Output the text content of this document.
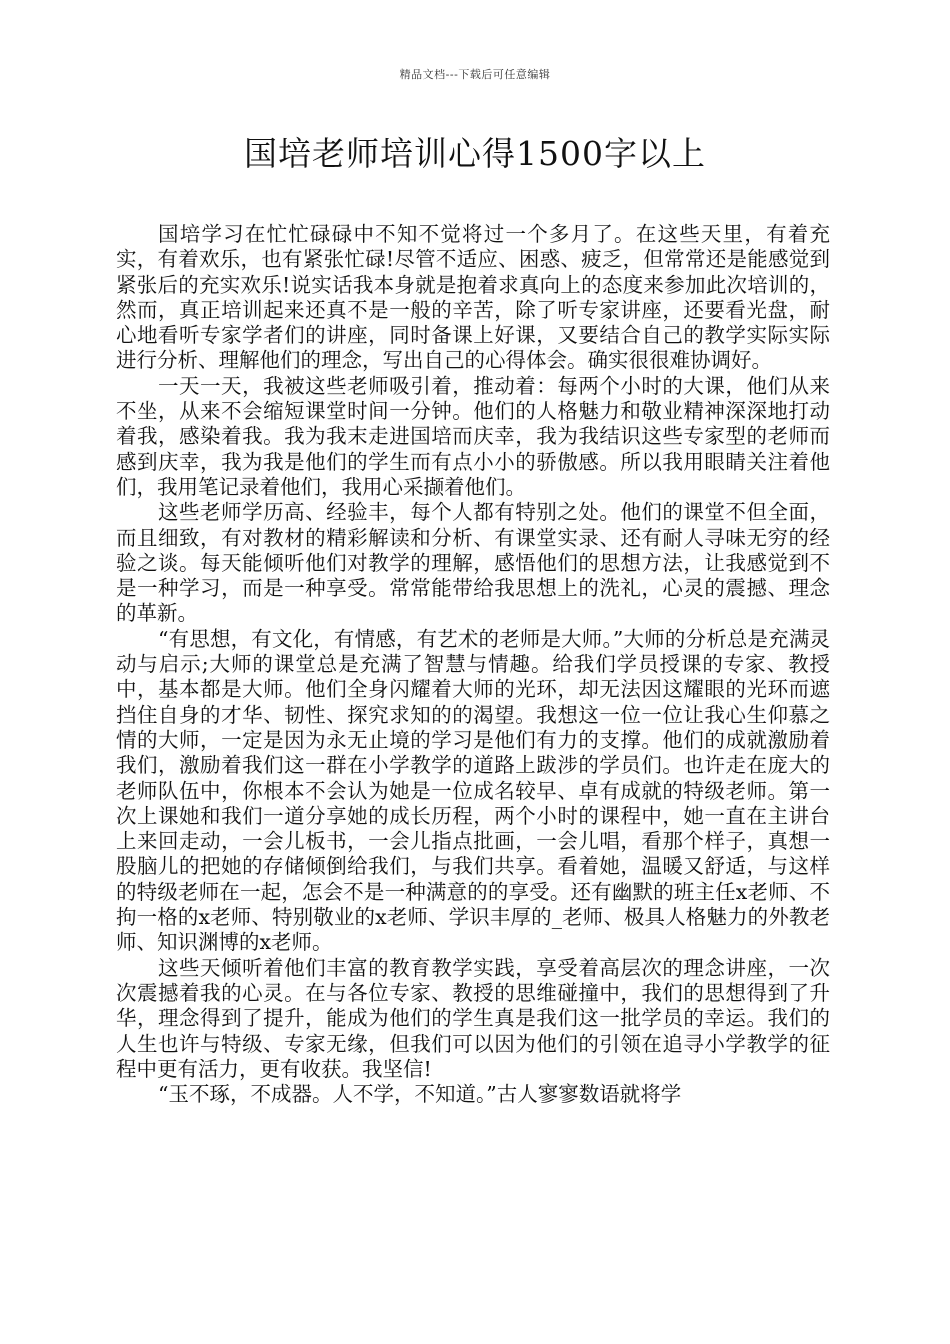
精品文档---下载后可任意编辑
国培老师培训心得1500字以上

国培学习在忙忙碌碌中不知不觉将过一个多月了。在这些天里，有着充实，有着欢乐，也有紧张忙碌!尽管不适应、困惑、疲乏，但常常还是能感觉到紧张后的充实欢乐!说实话我本身就是抱着求真向上的态度来参加此次培训的，然而，真正培训起来还真不是一般的辛苦，除了听专家讲座，还要看光盘，耐心地看听专家学者们的讲座，同时备课上好课，又要结合自己的教学实际实际进行分析、理解他们的理念，写出自己的心得体会。确实很很难协调好。

一天一天，我被这些老师吸引着，推动着：每两个小时的大课，他们从来不坐，从来不会缩短课堂时间一分钟。他们的人格魅力和敬业精神深深地打动着我，感染着我。我为我末走进国培而庆幸，我为我结识这些专家型的老师而感到庆幸，我为我是他们的学生而有点小小的骄傲感。所以我用眼睛关注着他们，我用笔记录着他们，我用心采撷着他们。

这些老师学历高、经验丰，每个人都有特别之处。他们的课堂不但全面，而且细致，有对教材的精彩解读和分析、有课堂实录、还有耐人寻味无穷的经验之谈。每天能倾听他们对教学的理解，感悟他们的思想方法，让我感觉到不是一种学习，而是一种享受。常常能带给我思想上的洗礼，心灵的震撼、理念的革新。

“有思想，有文化，有情感，有艺术的老师是大师。”大师的分析总是充满灵动与启示;大师的课堂总是充满了智慧与情趣。给我们学员授课的专家、教授中，基本都是大师。他们全身闪耀着大师的光环，却无法因这耀眼的光环而遮挡住自身的才华、韧性、探究求知的的渴望。我想这一位一位让我心生仰慕之情的大师，一定是因为永无止境的学习是他们有力的支撑。他们的成就激励着我们，激励着我们这一群在小学教学的道路上跋涉的学员们。也许走在庞大的老师队伍中，你根本不会认为她是一位成名较早、卓有成就的特级老师。第一次上课她和我们一道分享她的成长历程，两个小时的课程中，她一直在主讲台上来回走动，一会儿板书，一会儿指点批画，一会儿唱，看那个样子，真想一股脑儿的把她的存储倾倒给我们，与我们共享。看着她，温暖又舒适，与这样的特级老师在一起，怎会不是一种满意的的享受。还有幽默的班主任x老师、不拘一格的x老师、特别敬业的x老师、学识丰厚的_老师、极具人格魅力的外教老师、知识渊博的x老师。

这些天倾听着他们丰富的教育教学实践，享受着高层次的理念讲座，一次次震撼着我的心灵。在与各位专家、教授的思维碰撞中，我们的思想得到了升华，理念得到了提升，能成为他们的学生真是我们这一批学员的幸运。我们的人生也许与特级、专家无缘，但我们可以因为他们的引领在追寻小学教学的征程中更有活力，更有收获。我坚信!

“玉不琢，不成器。人不学，不知道。”古人寥寥数语就将学
